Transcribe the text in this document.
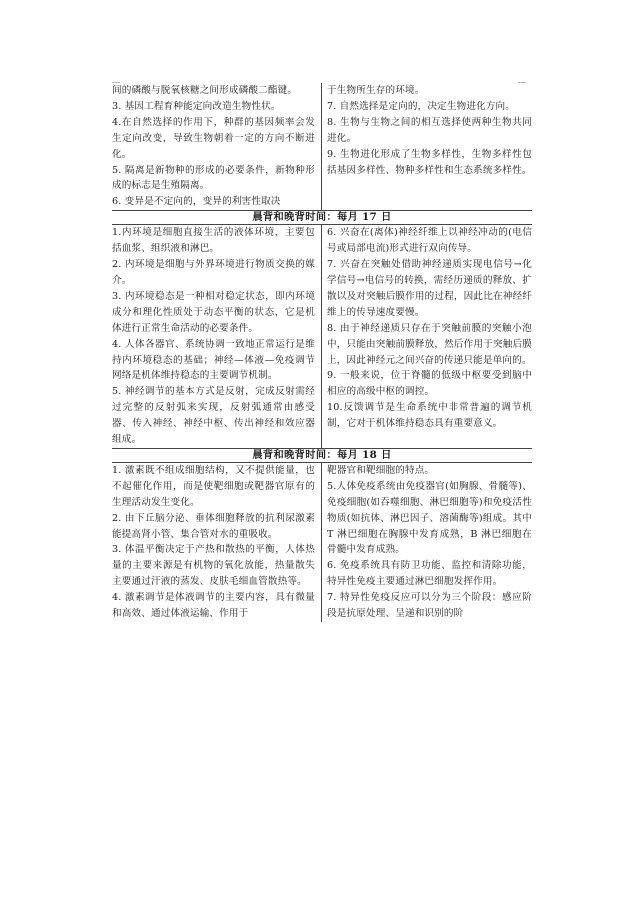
间的磷酸与脱氧核糖之间形成磷酸二酯键。

3. 基因工程育种能定向改造生物性状。

4.在自然选择的作用下，种群的基因频率会发生定向改变，导致生物朝着一定的方向不断进化。

5. 隔离是新物种的形成的必要条件，新物种形成的标志是生殖隔离。

6. 变异是不定向的，变异的利害性取决

于生物所生存的环境。

7. 自然选择是定向的，决定生物进化方向。

8. 生物与生物之间的相互选择使两种生物共同进化。

9. 生物进化形成了生物多样性，生物多样性包括基因多样性、物种多样性和生态系统多样性。

晨背和晚背时间：每月 17 日

1.内环境是细胞直接生活的液体环境，主要包括血浆、组织液和淋巴。

2. 内环境是细胞与外界环境进行物质交换的媒介。

3. 内环境稳态是一种相对稳定状态，即内环境成分和理化性质处于动态平衡的状态，它是机体进行正常生命活动的必要条件。

4. 人体各器官、系统协调一致地正常运行是维持内环境稳态的基础；神经—体液—免疫调节网络是机体维持稳态的主要调节机制。

5. 神经调节的基本方式是反射，完成反射需经过完整的反射弧来实现，反射弧通常由感受器、传入神经、神经中枢、传出神经和效应器组成。

6. 兴奋在(离体)神经纤维上以神经冲动的(电信号或局部电流)形式进行双向传导。

7. 兴奋在突触处借助神经递质实现电信号→化学信号→电信号的转换，需经历递质的释放、扩散以及对突触后膜作用的过程，因此比在神经纤维上的传导速度要慢。

8. 由于神经递质只存在于突触前膜的突触小泡中，只能由突触前膜释放，然后作用于突触后膜上，因此神经元之间兴奋的传递只能是单向的。

9. 一般来说，位于脊髓的低级中枢要受到脑中相应的高级中枢的调控。

10.反馈调节是生命系统中非常普遍的调节机制，它对于机体维持稳态具有重要意义。

晨背和晚背时间：每月 18 日

1. 激素既不组成细胞结构，又不提供能量，也不起催化作用，而是使靶细胞或靶器官原有的生理活动发生变化。

2. 由下丘脑分泌、垂体细胞释放的抗利尿激素能提高肾小管、集合管对水的重吸收。

3. 体温平衡决定于产热和散热的平衡，人体热量的主要来源是有机物的氧化放能，热量散失主要通过汗液的蒸发、皮肤毛细血管散热等。

4. 激素调节是体液调节的主要内容，具有微量和高效、通过体液运输、作用于

靶器官和靶细胞的特点。

5.人体免疫系统由免疫器官(如胸腺、骨髓等)、免疫细胞(如吞噬细胞、淋巴细胞等)和免疫活性物质(如抗体、淋巴因子、溶菌酶等)组成。其中 T 淋巴细胞在胸腺中发育成熟，B 淋巴细胞在骨髓中发育成熟。

6. 免疫系统具有防卫功能、监控和清除功能，特异性免疫主要通过淋巴细胞发挥作用。

7. 特异性免疫反应可以分为三个阶段：感应阶段是抗原处理、呈递和识别的阶
